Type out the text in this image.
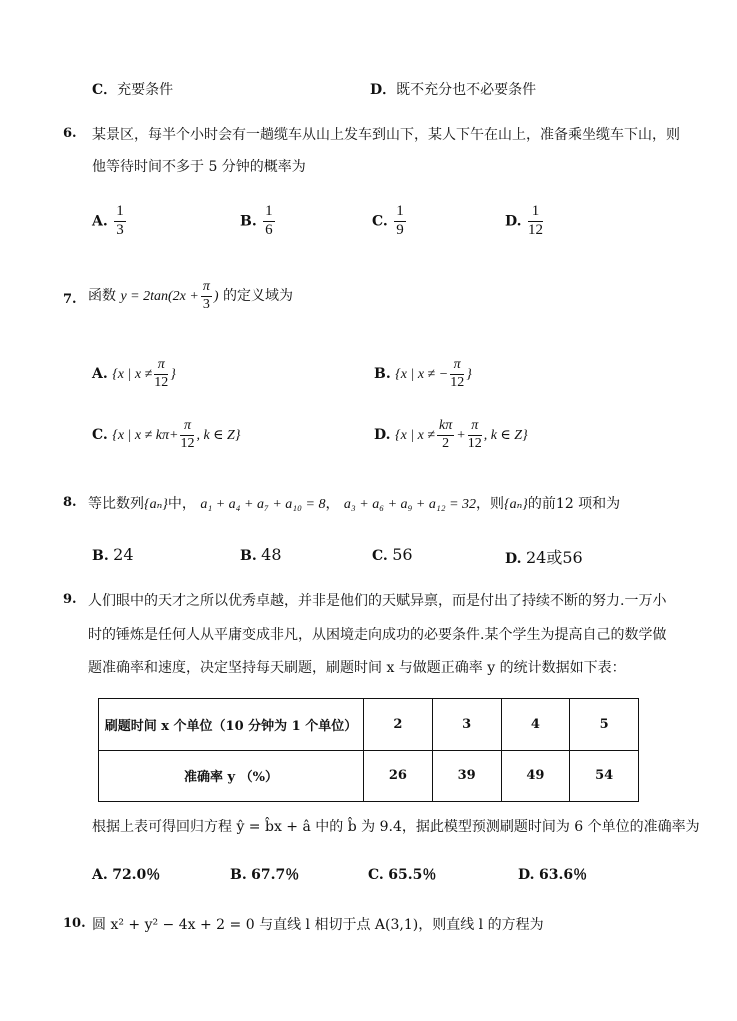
C．充要条件	D．既不充分也不必要条件
6. 某景区，每半个小时会有一趟缆车从山上发车到山下，某人下午在山上，准备乘坐缆车下山，则
他等待时间不多于 5 分钟的概率为
A. $\frac{1}{3}$	B. $\frac{1}{6}$	C. $\frac{1}{9}$	D. $\frac{1}{12}$
7. 函数 $y = 2\tan(2x + \frac{\pi}{3}$ ) 的定义域为
A. {x | $x \ne \frac{\pi}{12}$ }	B. {x | x ≠ − $\frac{\pi}{12}$ }
C. {x | $x \ne k\pi+ \frac{\pi}{12}$ , k ∈ Z}	D. {x | $x \ne \frac{k\pi}{2} + \frac{\pi}{12}$ , k ∈ Z}
8. 等比数列{aₙ}中， a₁ + a₄ + a₇ + a₁₀ = 8， a₃ + a₆ + a₉ + a₁₂ = 32，则{aₙ}的前12 项和为
B. 24	B. 48	C. 56	D. 24或56
9. 人们眼中的天才之所以优秀卓越，并非是他们的天赋异禀，而是付出了持续不断的努力.一万小
时的锤炼是任何人从平庸变成非凡，从困境走向成功的必要条件.某个学生为提高自己的数学做
题准确率和速度，决定坚持每天刷题，刷题时间 x 与做题正确率 y 的统计数据如下表：
刷题时间 x 个单位（10 分钟为 1 个单位）	2	3	4	5
准确率 y （%）	26	39	49	54
根据上表可得回归方程 ŷ = b̂x + â 中的 b̂ 为 9.4，据此模型预测刷题时间为 6 个单位的准确率为
A. 72.0％	B. 67.7％	C. 65.5％	D. 63.6％
10. 圆 x² + y² − 4x + 2 = 0 与直线 l 相切于点 A(3,1)，则直线 l 的方程为
